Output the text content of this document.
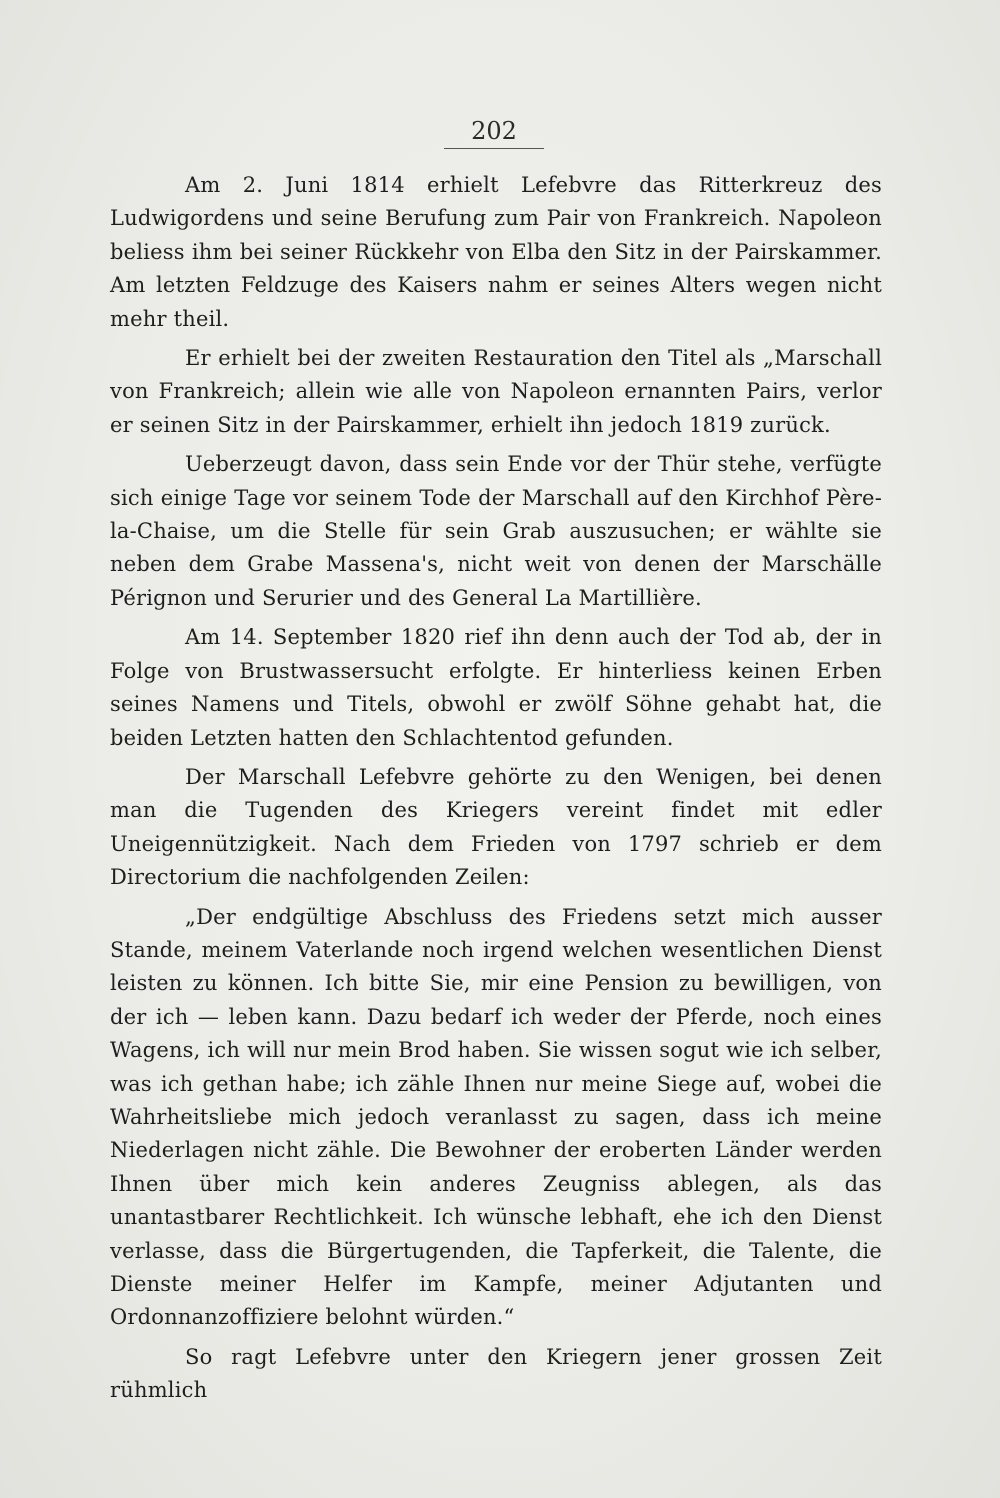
202

Am 2. Juni 1814 erhielt Lefebvre das Ritterkreuz des Ludwigordens und seine Berufung zum Pair von Frankreich. Napoleon beliess ihm bei seiner Rückkehr von Elba den Sitz in der Pairskammer. Am letzten Feldzuge des Kaisers nahm er seines Alters wegen nicht mehr theil.

Er erhielt bei der zweiten Restauration den Titel als „Marschall von Frankreich; allein wie alle von Napoleon ernannten Pairs, verlor er seinen Sitz in der Pairskammer, erhielt ihn jedoch 1819 zurück.

Ueberzeugt davon, dass sein Ende vor der Thür stehe, verfügte sich einige Tage vor seinem Tode der Marschall auf den Kirchhof Père-la-Chaise, um die Stelle für sein Grab auszusuchen; er wählte sie neben dem Grabe Massena's, nicht weit von denen der Marschälle Pérignon und Serurier und des General La Martillière.

Am 14. September 1820 rief ihn denn auch der Tod ab, der in Folge von Brustwassersucht erfolgte. Er hinterliess keinen Erben seines Namens und Titels, obwohl er zwölf Söhne gehabt hat, die beiden Letzten hatten den Schlachtentod gefunden.

Der Marschall Lefebvre gehörte zu den Wenigen, bei denen man die Tugenden des Kriegers vereint findet mit edler Uneigennützigkeit. Nach dem Frieden von 1797 schrieb er dem Directorium die nachfolgenden Zeilen:

„Der endgültige Abschluss des Friedens setzt mich ausser Stande, meinem Vaterlande noch irgend welchen wesentlichen Dienst leisten zu können. Ich bitte Sie, mir eine Pension zu bewilligen, von der ich — leben kann. Dazu bedarf ich weder der Pferde, noch eines Wagens, ich will nur mein Brod haben. Sie wissen sogut wie ich selber, was ich gethan habe; ich zähle Ihnen nur meine Siege auf, wobei die Wahrheitsliebe mich jedoch veranlasst zu sagen, dass ich meine Niederlagen nicht zähle. Die Bewohner der eroberten Länder werden Ihnen über mich kein anderes Zeugniss ablegen, als das unantastbarer Rechtlichkeit. Ich wünsche lebhaft, ehe ich den Dienst verlasse, dass die Bürgertugenden, die Tapferkeit, die Talente, die Dienste meiner Helfer im Kampfe, meiner Adjutanten und Ordonnanzoffiziere belohnt würden.“

So ragt Lefebvre unter den Kriegern jener grossen Zeit rühmlich
